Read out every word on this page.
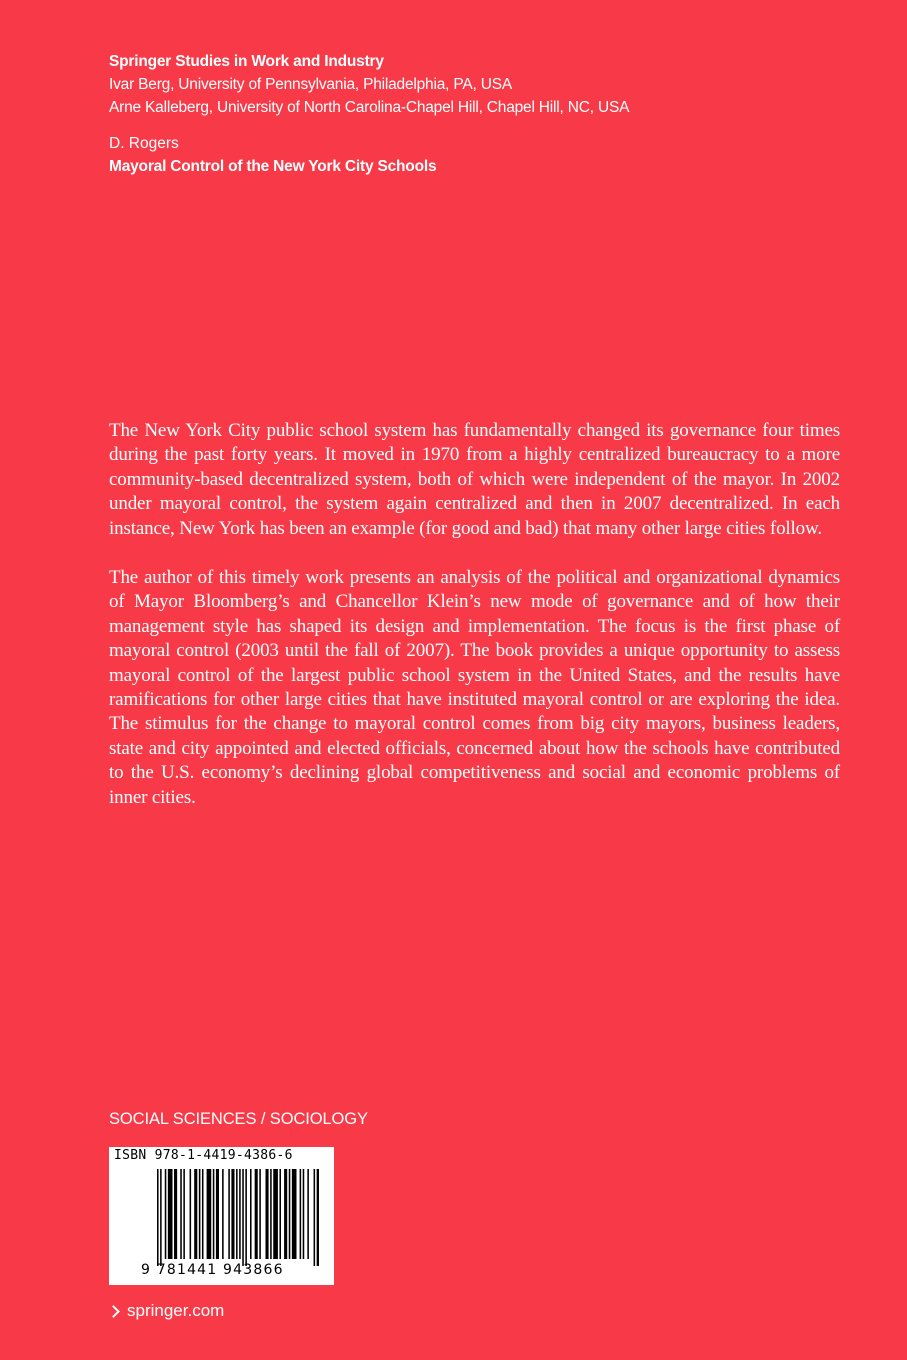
Springer Studies in Work and Industry
Ivar Berg, University of Pennsylvania, Philadelphia, PA, USA
Arne Kalleberg, University of North Carolina-Chapel Hill, Chapel Hill, NC, USA
D. Rogers
Mayoral Control of the New York City Schools

The New York City public school system has fundamentally changed its governance four times during the past forty years. It moved in 1970 from a highly centralized bureaucracy to a more community-based decentralized system, both of which were independent of the mayor. In 2002 under mayoral control, the system again centralized and then in 2007 decentralized. In each instance, New York has been an example (for good and bad) that many other large cities follow.

The author of this timely work presents an analysis of the political and organizational dynamics of Mayor Bloomberg’s and Chancellor Klein’s new mode of governance and of how their management style has shaped its design and implementation. The focus is the first phase of mayoral control (2003 until the fall of 2007). The book provides a unique opportunity to assess mayoral control of the largest public school system in the United States, and the results have ramifications for other large cities that have instituted mayoral control or are exploring the idea. The stimulus for the change to mayoral control comes from big city mayors, business leaders, state and city appointed and elected officials, concerned about how the schools have contributed to the U.S. economy’s declining global competitiveness and social and economic problems of inner cities.

SOCIAL SCIENCES / SOCIOLOGY
ISBN 978-1-4419-4386-6
9 781441 943866
springer.com
